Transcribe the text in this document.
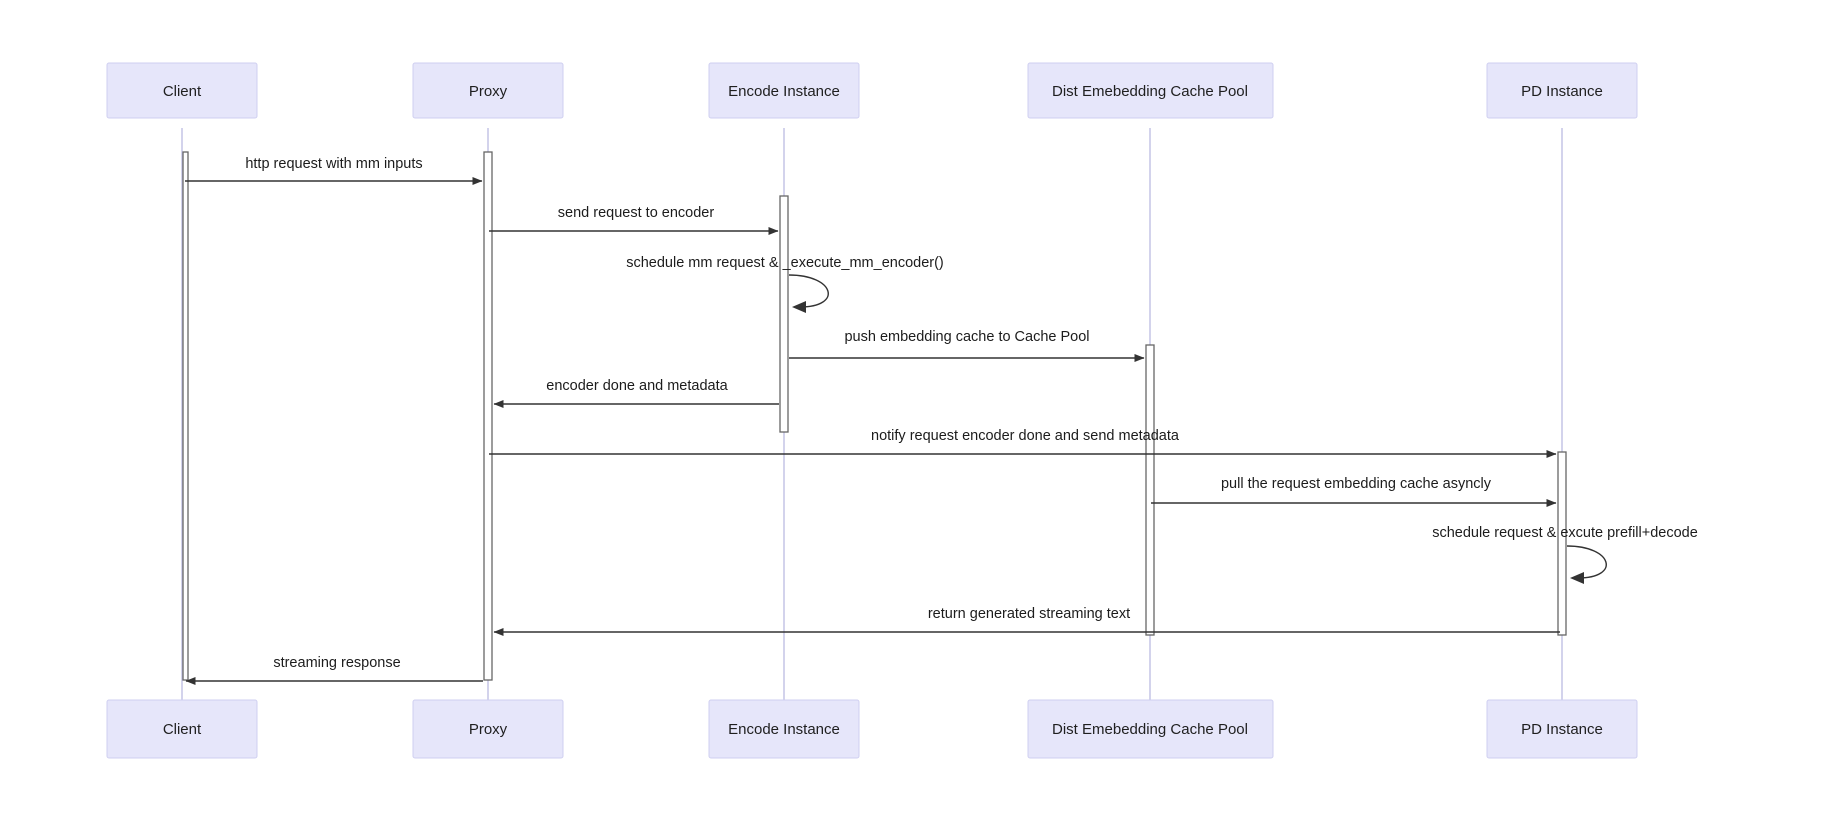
Client	Proxy	Encode Instance	Dist Emebedding Cache Pool	PD Instance
http request with mm inputs
send request to encoder
schedule mm request & _execute_mm_encoder()
push embedding cache to Cache Pool
encoder done and metadata
notify request encoder done and send metadata
pull the request embedding cache asyncly
schedule request & excute prefill+decode
return generated streaming text
streaming response
Client	Proxy	Encode Instance	Dist Emebedding Cache Pool	PD Instance
